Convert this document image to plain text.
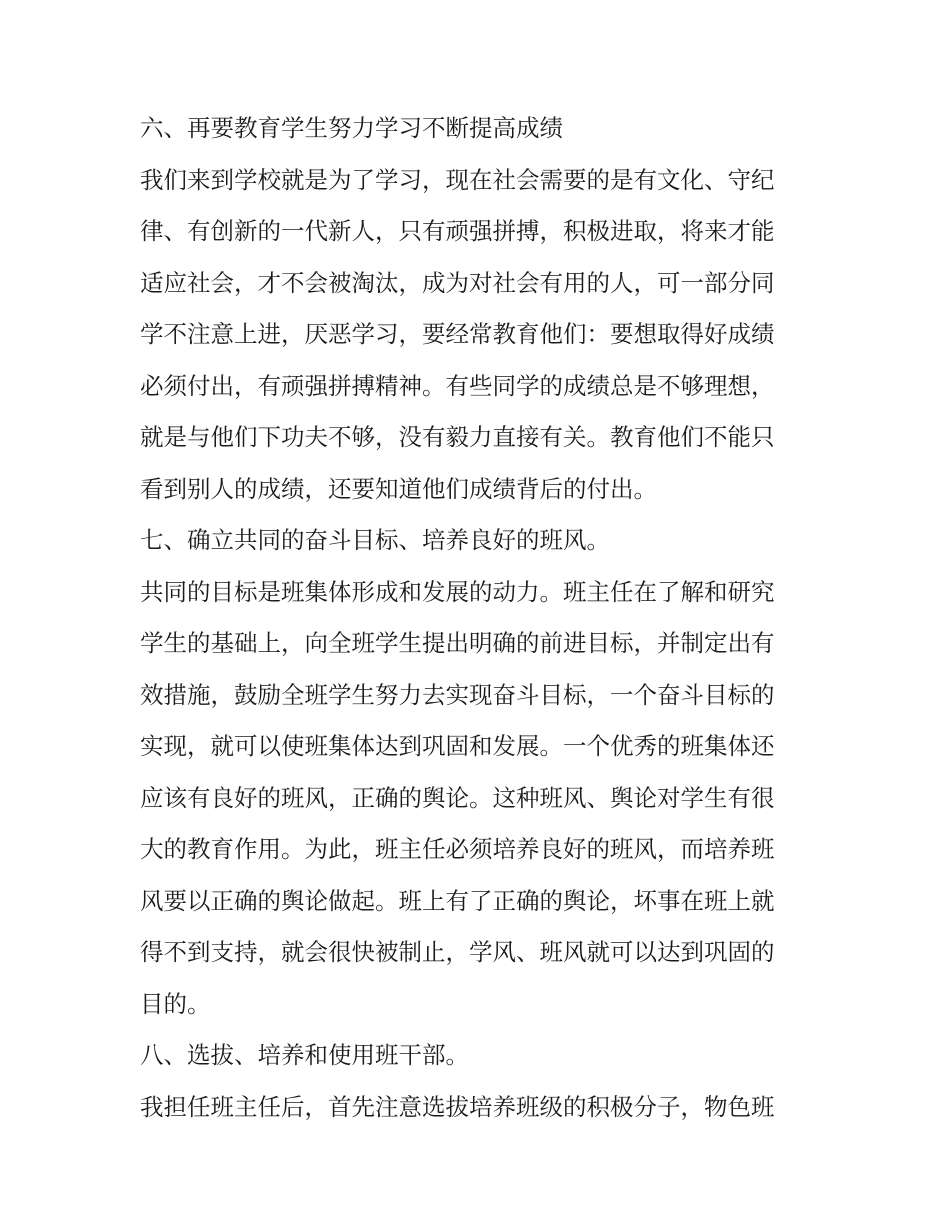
六、再要教育学生努力学习不断提高成绩

我们来到学校就是为了学习，现在社会需要的是有文化、守纪

律、有创新的一代新人，只有顽强拼搏，积极进取，将来才能

适应社会，才不会被淘汰，成为对社会有用的人，可一部分同

学不注意上进，厌恶学习，要经常教育他们：要想取得好成绩

必须付出，有顽强拼搏精神。有些同学的成绩总是不够理想，

就是与他们下功夫不够，没有毅力直接有关。教育他们不能只

看到别人的成绩，还要知道他们成绩背后的付出。

七、确立共同的奋斗目标、培养良好的班风。

共同的目标是班集体形成和发展的动力。班主任在了解和研究

学生的基础上，向全班学生提出明确的前进目标，并制定出有

效措施，鼓励全班学生努力去实现奋斗目标，一个奋斗目标的

实现，就可以使班集体达到巩固和发展。一个优秀的班集体还

应该有良好的班风，正确的舆论。这种班风、舆论对学生有很

大的教育作用。为此，班主任必须培养良好的班风，而培养班

风要以正确的舆论做起。班上有了正确的舆论，坏事在班上就

得不到支持，就会很快被制止，学风、班风就可以达到巩固的

目的。

八、选拔、培养和使用班干部。

我担任班主任后，首先注意选拔培养班级的积极分子，物色班
